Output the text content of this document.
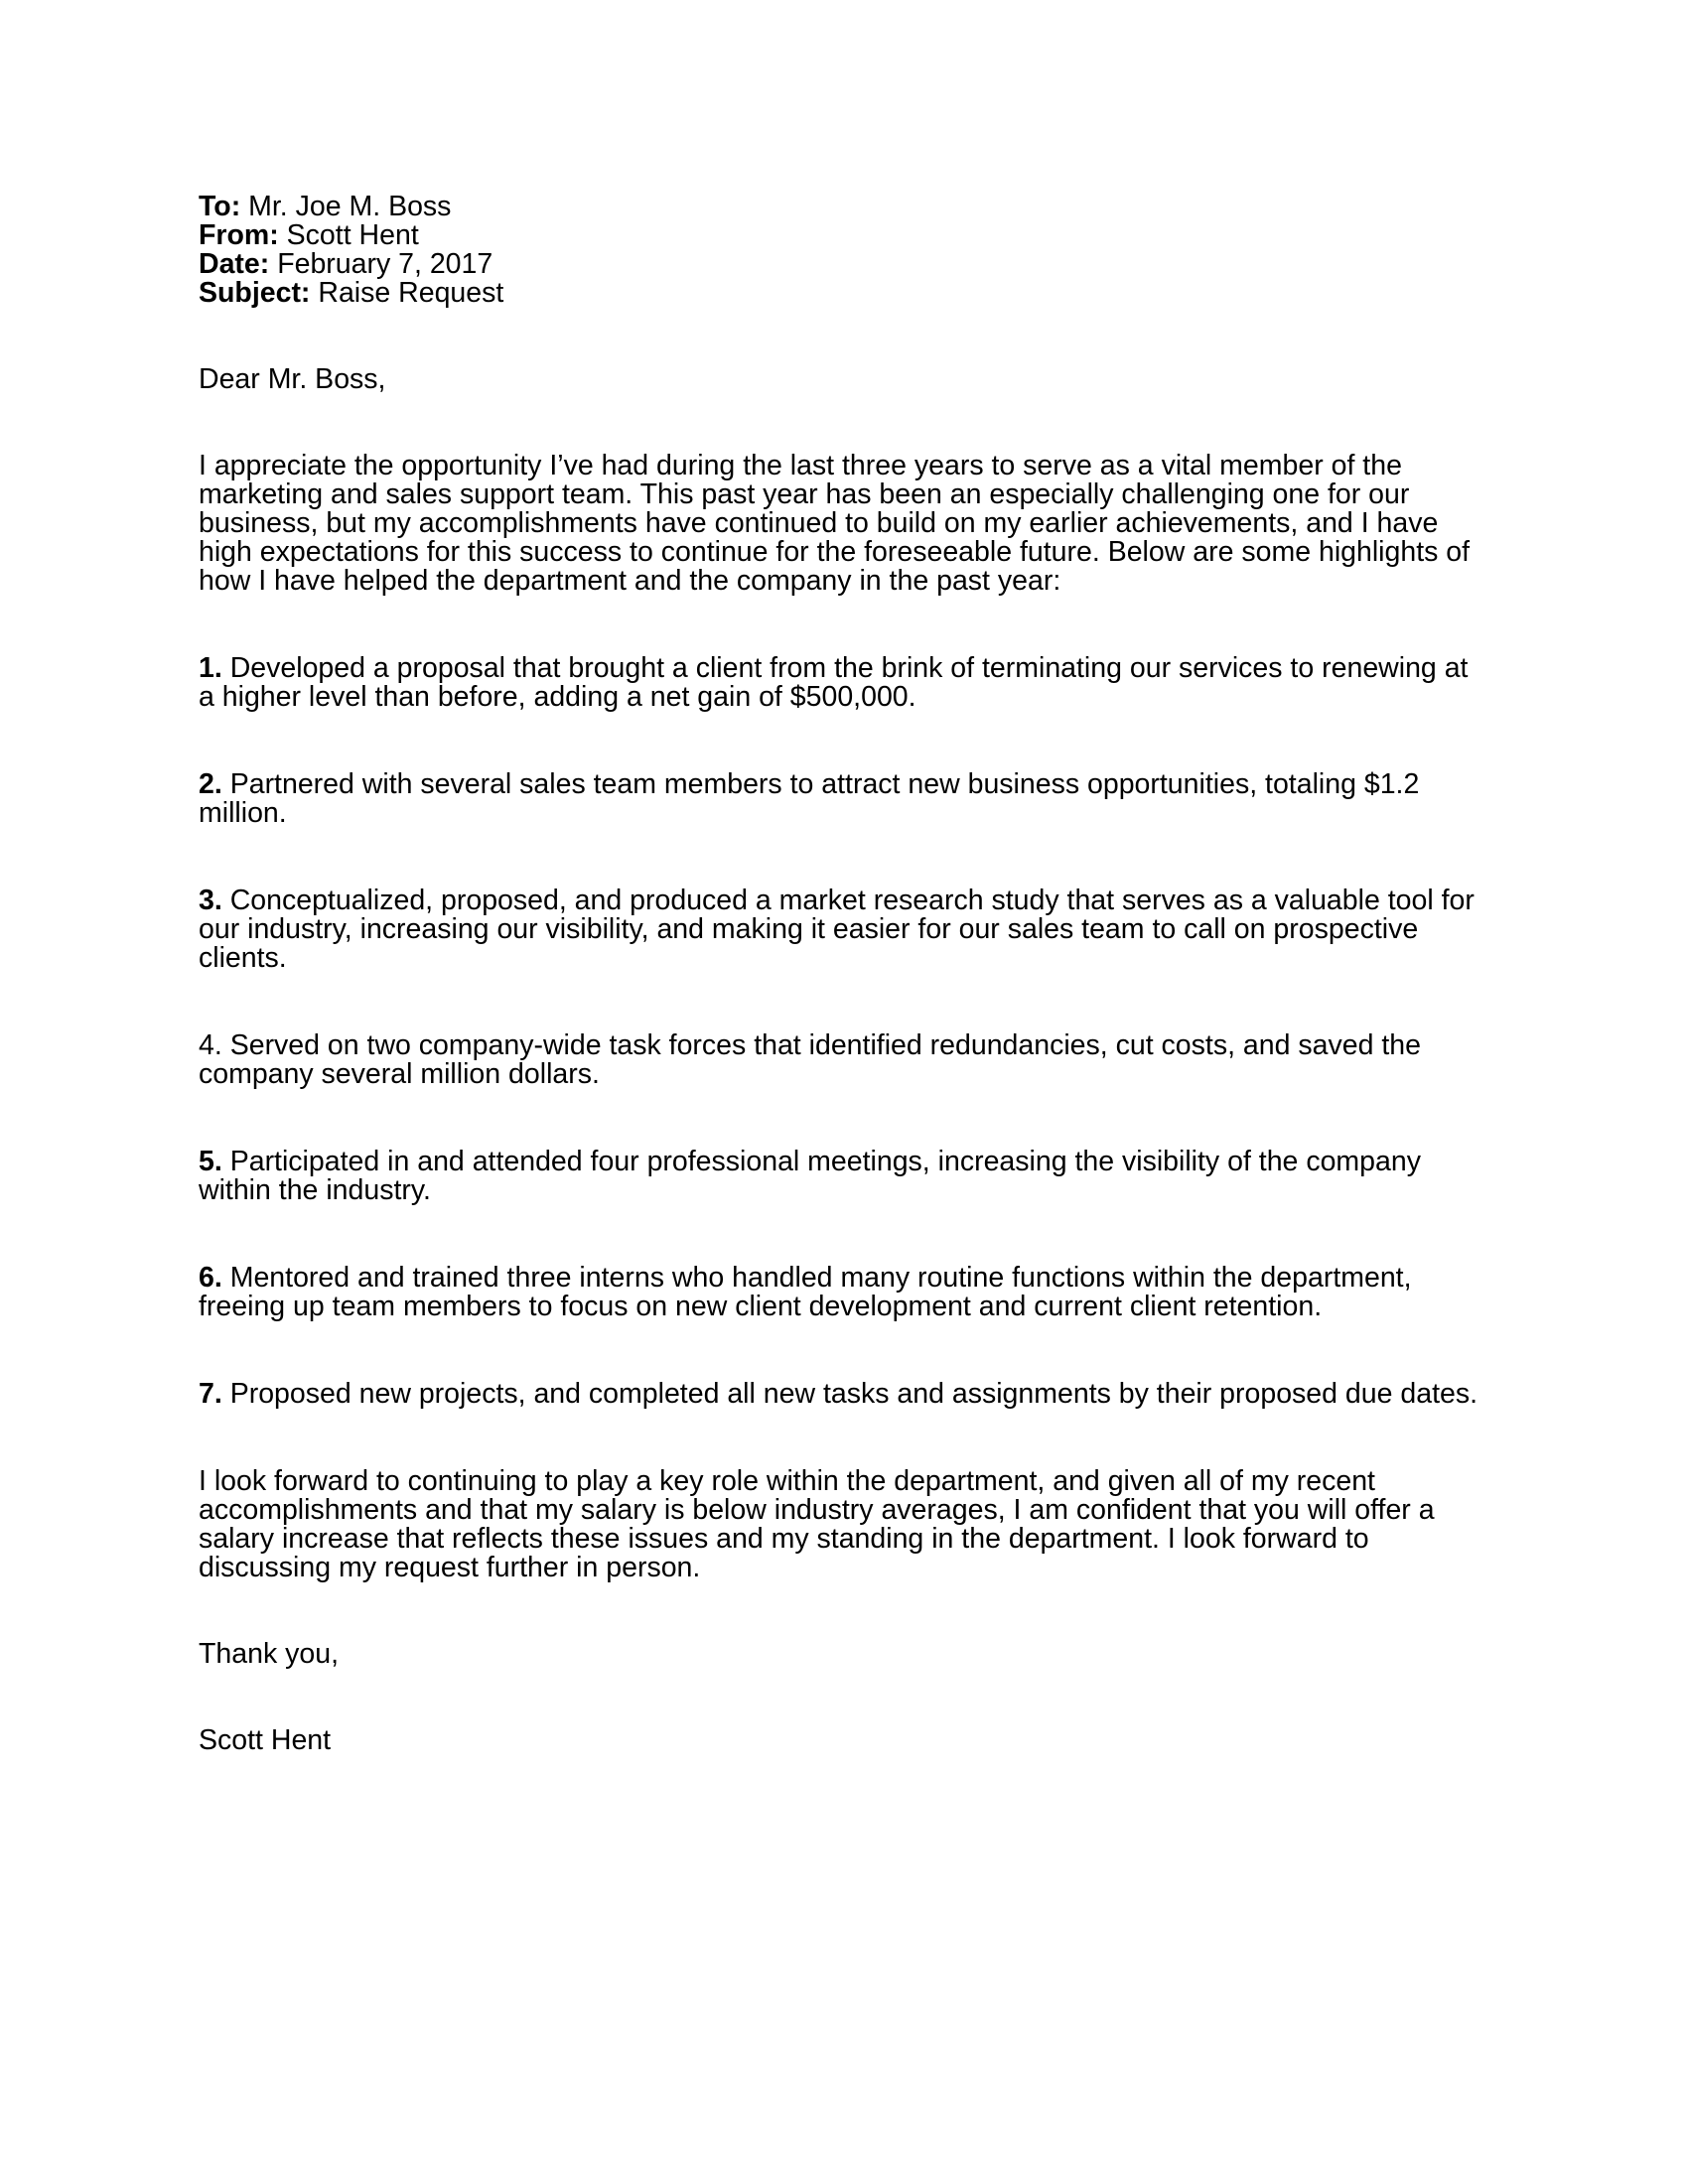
To: Mr. Joe M. Boss
From: Scott Hent
Date: February 7, 2017
Subject: Raise Request

Dear Mr. Boss,

I appreciate the opportunity I’ve had during the last three years to serve as a vital member of the marketing and sales support team. This past year has been an especially challenging one for our business, but my accomplishments have continued to build on my earlier achievements, and I have high expectations for this success to continue for the foreseeable future. Below are some highlights of how I have helped the department and the company in the past year:

1. Developed a proposal that brought a client from the brink of terminating our services to renewing at a higher level than before, adding a net gain of $500,000.

2. Partnered with several sales team members to attract new business opportunities, totaling $1.2 million.

3. Conceptualized, proposed, and produced a market research study that serves as a valuable tool for our industry, increasing our visibility, and making it easier for our sales team to call on prospective clients.

4. Served on two company-wide task forces that identified redundancies, cut costs, and saved the company several million dollars.

5. Participated in and attended four professional meetings, increasing the visibility of the company within the industry.

6. Mentored and trained three interns who handled many routine functions within the department, freeing up team members to focus on new client development and current client retention.

7. Proposed new projects, and completed all new tasks and assignments by their proposed due dates.

I look forward to continuing to play a key role within the department, and given all of my recent accomplishments and that my salary is below industry averages, I am confident that you will offer a salary increase that reflects these issues and my standing in the department. I look forward to discussing my request further in person.

Thank you,

Scott Hent
